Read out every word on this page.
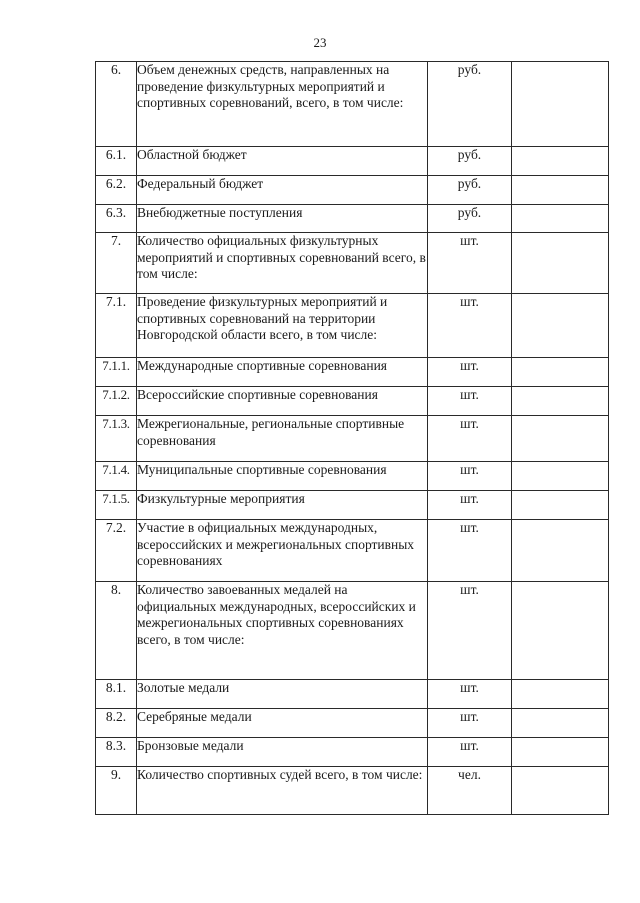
23
6.	Объем денежных средств, направленных на проведение физкультурных мероприятий и спортивных соревнований, всего, в том числе:	руб.	
6.1.	Областной бюджет	руб.	
6.2.	Федеральный бюджет	руб.	
6.3.	Внебюджетные поступления	руб.	
7.	Количество официальных физкультурных мероприятий и спортивных соревнований всего, в том числе:	шт.	
7.1.	Проведение физкультурных мероприятий и спортивных соревнований на территории Новгородской области всего, в том числе:	шт.	
7.1.1.	Международные спортивные соревнования	шт.	
7.1.2.	Всероссийские спортивные соревнования	шт.	
7.1.3.	Межрегиональные, региональные спортивные соревнования	шт.	
7.1.4.	Муниципальные спортивные соревнования	шт.	
7.1.5.	Физкультурные мероприятия	шт.	
7.2.	Участие в официальных международных, всероссийских и межрегиональных спортивных соревнованиях	шт.	
8.	Количество завоеванных медалей на официальных международных, всероссийских и межрегиональных спортивных соревнованиях всего, в том числе:	шт.	
8.1.	Золотые медали	шт.	
8.2.	Серебряные медали	шт.	
8.3.	Бронзовые медали	шт.	
9.	Количество спортивных судей всего, в том числе:	чел.	
